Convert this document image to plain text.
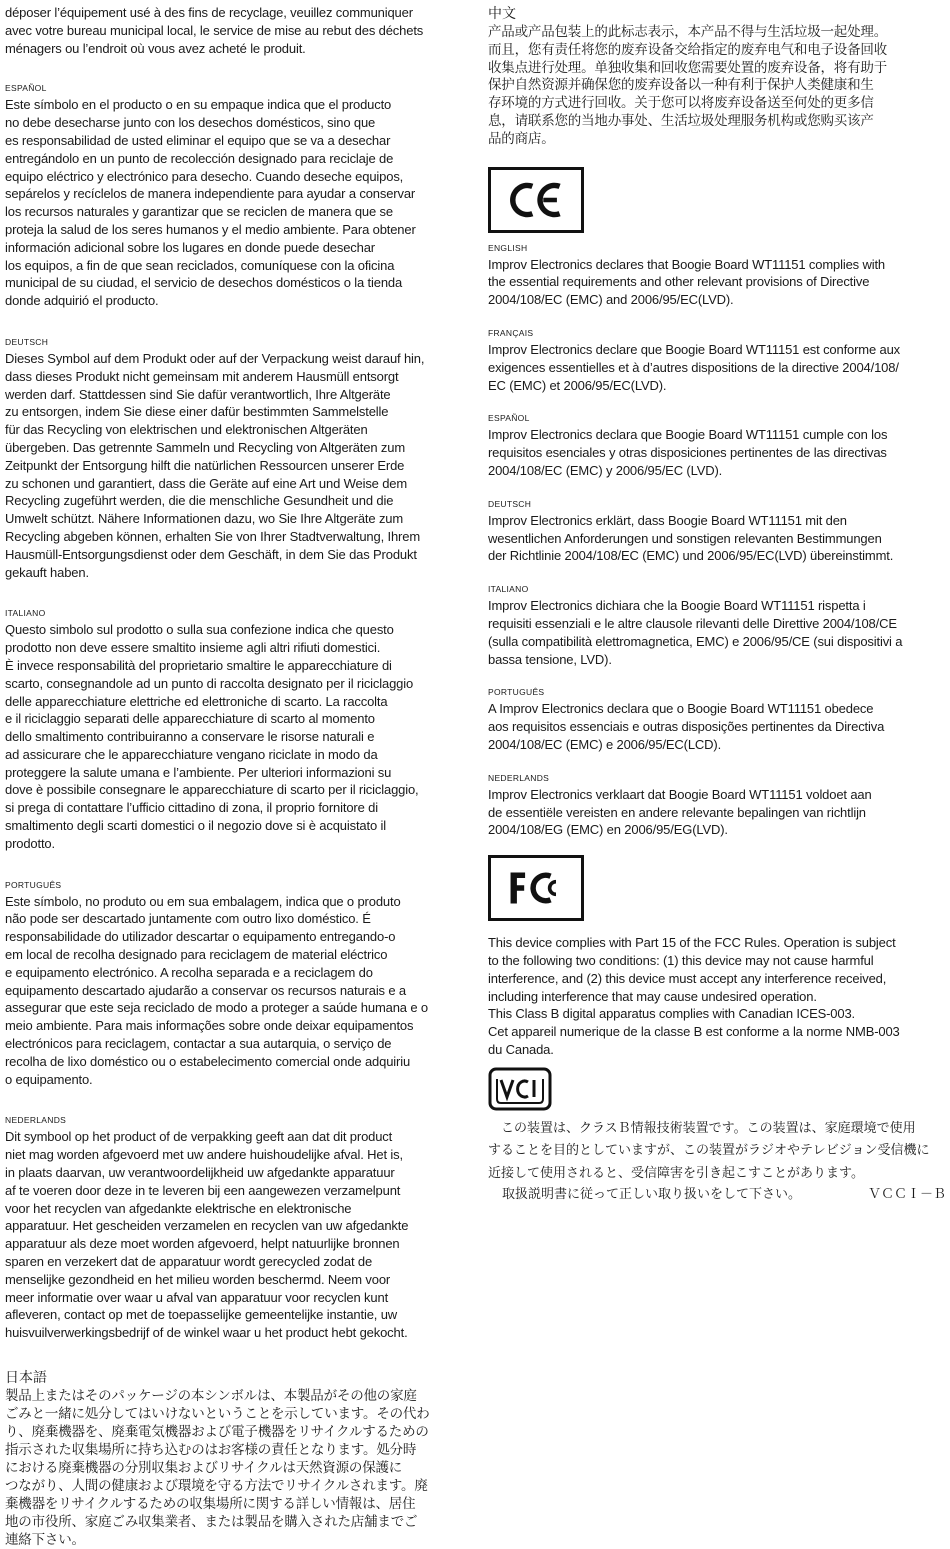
déposer l’équipement usé à des fins de recyclage, veuillez communiquer
avec votre bureau municipal local, le service de mise au rebut des déchets
ménagers ou l’endroit où vous avez acheté le produit.

ESPAÑOL

Este símbolo en el producto o en su empaque indica que el producto
no debe desecharse junto con los desechos domésticos, sino que
es responsabilidad de usted eliminar el equipo que se va a desechar
entregándolo en un punto de recolección designado para reciclaje de
equipo eléctrico y electrónico para desecho. Cuando desechе equipos,
sepárelos y recíclelos de manera independiente para ayudar a conservar
los recursos naturales y garantizar que se reciclen de manera que se
proteja la salud de los seres humanos y el medio ambiente. Para obtener
información adicional sobre los lugares en donde puede desechar
los equipos, a fin de que sean reciclados, comuníquese con la oficina
municipal de su ciudad, el servicio de desechos domésticos o la tienda
donde adquirió el producto.

DEUTSCH

Dieses Symbol auf dem Produkt oder auf der Verpackung weist darauf hin,
dass dieses Produkt nicht gemeinsam mit anderem Hausmüll entsorgt
werden darf. Stattdessen sind Sie dafür verantwortlich, Ihre Altgeräte
zu entsorgen, indem Sie diese einer dafür bestimmten Sammelstelle
für das Recycling von elektrischen und elektronischen Altgeräten
übergeben. Das getrennte Sammeln und Recycling von Altgeräten zum
Zeitpunkt der Entsorgung hilft die natürlichen Ressourcen unserer Erde
zu schonen und garantiert, dass die Geräte auf eine Art und Weise dem
Recycling zugeführt werden, die die menschliche Gesundheit und die
Umwelt schützt. Nähere Informationen dazu, wo Sie Ihre Altgeräte zum
Recycling abgeben können, erhalten Sie von Ihrer Stadtverwaltung, Ihrem
Hausmüll-Entsorgungsdienst oder dem Geschäft, in dem Sie das Produkt
gekauft haben.

ITALIANO

Questo simbolo sul prodotto o sulla sua confezione indica che questo
prodotto non deve essere smaltito insieme agli altri rifiuti domestici.
È invece responsabilità del proprietario smaltire le apparecchiature di
scarto, consegnandole ad un punto di raccolta designato per il riciclaggio
delle apparecchiature elettriche ed elettroniche di scarto. La raccolta
e il riciclaggio separati delle apparecchiature di scarto al momento
dello smaltimento contribuiranno a conservare le risorse naturali e
ad assicurare che le apparecchiature vengano riciclate in modo da
proteggere la salute umana e l’ambiente. Per ulteriori informazioni su
dove è possibile consegnare le apparecchiature di scarto per il riciclaggio,
si prega di contattare l’ufficio cittadino di zona, il proprio fornitore di
smaltimento degli scarti domestici o il negozio dove si è acquistato il
prodotto.

PORTUGUÊS

Este símbolo, no produto ou em sua embalagem, indica que o produto
não pode ser descartado juntamente com outro lixo doméstico. É
responsabilidade do utilizador descartar o equipamento entregando-o
em local de recolha designado para reciclagem de material eléctrico
e equipamento electrónico. A recolha separada e a reciclagem do
equipamento descartado ajudarão a conservar os recursos naturais e a
assegurar que este seja reciclado de modo a proteger a saúde humana e o
meio ambiente. Para mais informações sobre onde deixar equipamentos
electrónicos para reciclagem, contactar a sua autarquia, o serviço de
recolha de lixo doméstico ou o estabelecimento comercial onde adquiriu
o equipamento.

NEDERLANDS

Dit symbool op het product of de verpakking geeft aan dat dit product
niet mag worden afgevoerd met uw andere huishoudelijke afval. Het is,
in plaats daarvan, uw verantwoordelijkheid uw afgedankte apparatuur
af te voeren door deze in te leveren bij een aangewezen verzamelpunt
voor het recyclen van afgedankte elektrische en elektronische
apparatuur. Het gescheiden verzamelen en recyclen van uw afgedankte
apparatuur als deze moet worden afgevoerd, helpt natuurlijke bronnen
sparen en verzekert dat de apparatuur wordt gerecycled zodat de
menselijke gezondheid en het milieu worden beschermd. Neem voor
meer informatie over waar u afval van apparatuur voor recyclen kunt
afleveren, contact op met de toepasselijke gemeentelijke instantie, uw
huisvuilverwerkingsbedrijf of de winkel waar u het product hebt gekocht.

日本語

製品上またはそのパッケージの本シンボルは、本製品がその他の家庭
ごみと一緒に処分してはいけないということを示しています。その代わ
り、廃棄機器を、廃棄電気機器および電子機器をリサイクルするための
指示された収集場所に持ち込むのはお客様の責任となります。処分時
における廃棄機器の分別収集およびリサイクルは天然資源の保護に
つながり、人間の健康および環境を守る方法でリサイクルされます。廃
棄機器をリサイクルするための収集場所に関する詳しい情報は、居住
地の市役所、家庭ごみ収集業者、または製品を購入された店舗までご
連絡下さい。

中文

产品或产品包装上的此标志表示，本产品不得与生活垃圾一起处理。
而且，您有责任将您的废弃设备交给指定的废弃电气和电子设备回收
收集点进行处理。单独收集和回收您需要处置的废弃设备，将有助于
保护自然资源并确保您的废弃设备以一种有利于保护人类健康和生
存环境的方式进行回收。关于您可以将废弃设备送至何处的更多信
息，请联系您的当地办事处、生活垃圾处理服务机构或您购买该产
品的商店。

ENGLISH

Improv Electronics declares that Boogie Board WT11151 complies with
the essential requirements and other relevant provisions of Directive
2004/108/EC (EMC) and 2006/95/EC(LVD).

FRANÇAIS

Improv Electronics declare que Boogie Board WT11151 est conforme aux
exigences essentielles et à d’autres dispositions de la directive 2004/108/
EC (EMC) et 2006/95/EC(LVD).

ESPAÑOL

Improv Electronics declara que Boogie Board WT11151 cumple con los
requisitos esenciales y otras disposiciones pertinentes de las directivas
2004/108/EC (EMC) y 2006/95/EC (LVD).

DEUTSCH

Improv Electronics erklärt, dass Boogie Board WT11151 mit den
wesentlichen Anforderungen und sonstigen relevanten Bestimmungen
der Richtlinie 2004/108/EC (EMC) und 2006/95/EC(LVD) übereinstimmt.

ITALIANO

Improv Electronics dichiara che la Boogie Board WT11151 rispetta i
requisiti essenziali e le altre clausole rilevanti delle Direttive 2004/108/CE
(sulla compatibilità elettromagnetica, EMC) e 2006/95/CE (sui dispositivi a
bassa tensione, LVD).

PORTUGUÊS

A Improv Electronics declara que o Boogie Board WT11151 obedece
aos requisitos essenciais e outras disposições pertinentes da Directiva
2004/108/EC (EMC) e 2006/95/EC(LCD).

NEDERLANDS

Improv Electronics verklaart dat Boogie Board WT11151 voldoet aan
de essentiële vereisten en andere relevante bepalingen van richtlijn
2004/108/EG (EMC) en 2006/95/EG(LVD).

This device complies with Part 15 of the FCC Rules. Operation is subject
to the following two conditions: (1) this device may not cause harmful
interference, and (2) this device must accept any interference received,
including interference that may cause undesired operation.
This Class B digital apparatus complies with Canadian ICES-003.
Cet appareil numerique de la classe B est conforme a la norme NMB-003
du Canada.

　この装置は、クラスＢ情報技術装置です。この装置は、家庭環境で使用
することを目的としていますが、この装置がラジオやテレビジョン受信機に
近接して使用されると、受信障害を引き起こすことがあります。

取扱説明書に従って正しい取り扱いをして下さい。	ＶＣＣＩ－Ｂ
